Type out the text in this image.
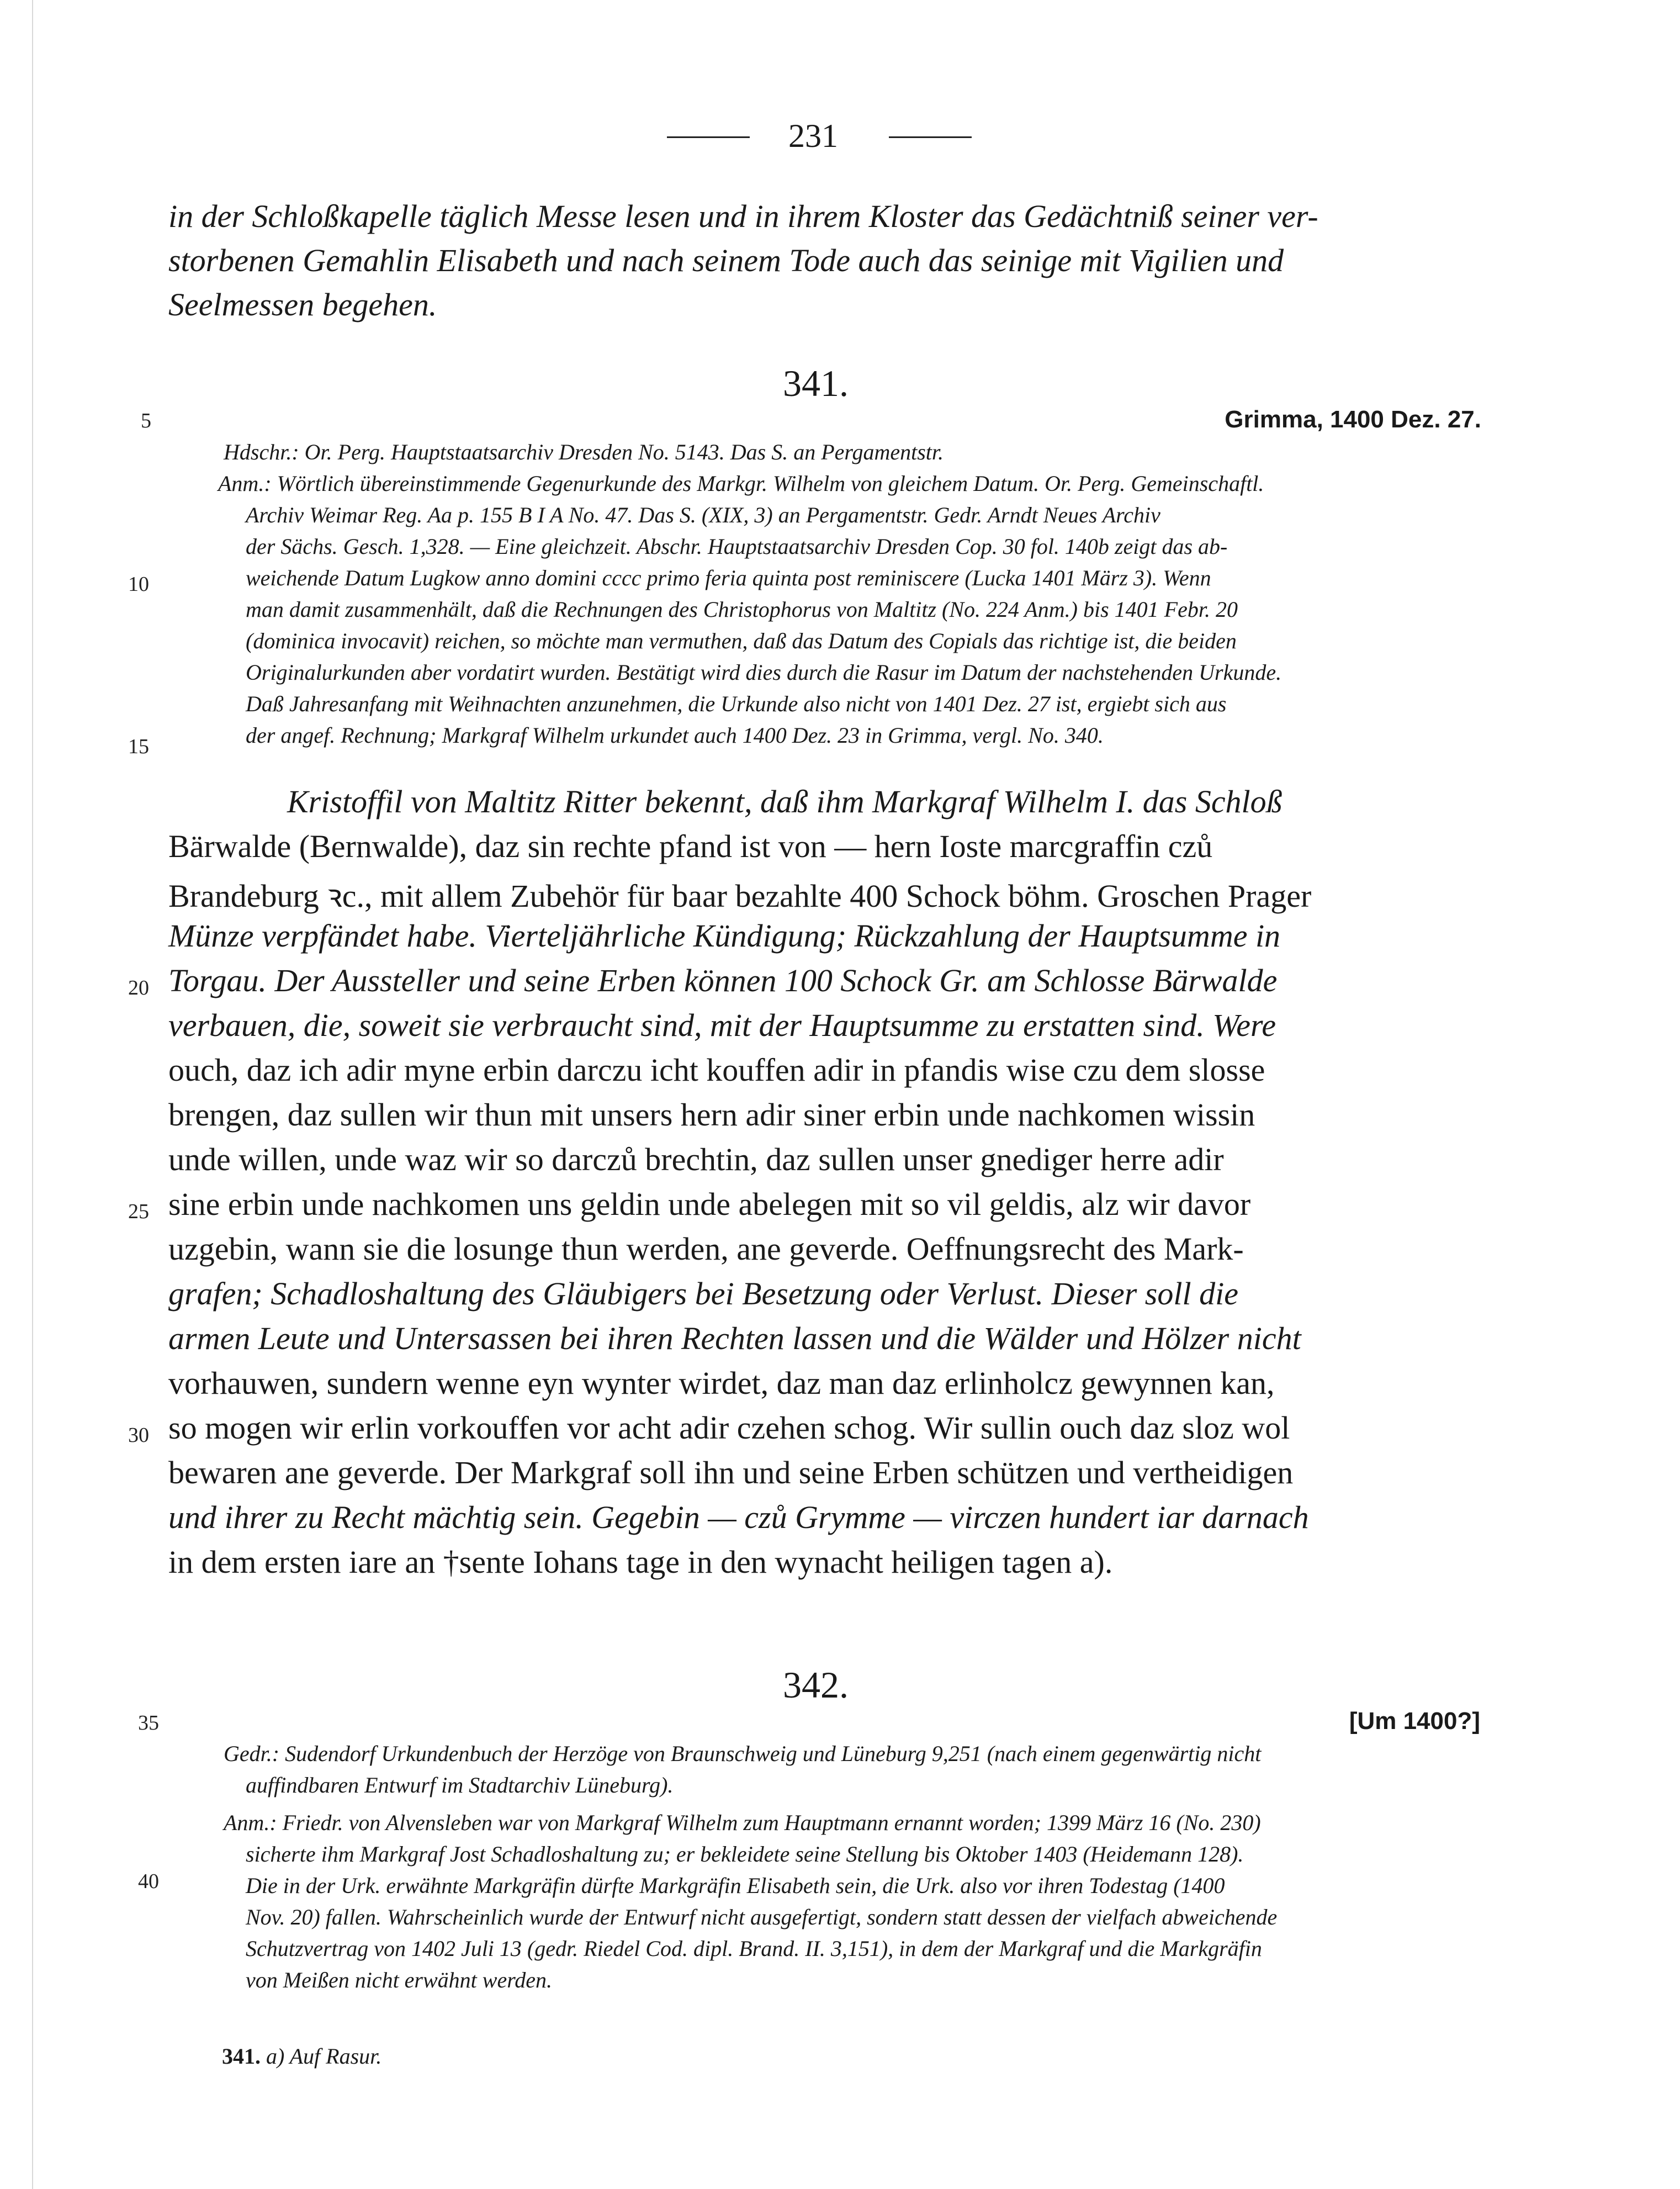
231
in der Schloßkapelle täglich Messe lesen und in ihrem Kloster das Gedächtniß seiner ver-
storbenen Gemahlin Elisabeth und nach seinem Tode auch das seinige mit Vigilien und
Seelmessen begehen.
341.
Grimma, 1400 Dez. 27.
Hdschr.: Or. Perg. Hauptstaatsarchiv Dresden No. 5143. Das S. an Pergamentstr.
Anm.: Wörtlich übereinstimmende Gegenurkunde des Markgr. Wilhelm von gleichem Datum. Or. Perg. Gemeinschaftl.
Archiv Weimar Reg. Aa p. 155 B I A No. 47. Das S. (XIX, 3) an Pergamentstr. Gedr. Arndt Neues Archiv
der Sächs. Gesch. 1,328. — Eine gleichzeit. Abschr. Hauptstaatsarchiv Dresden Cop. 30 fol. 140b zeigt das ab-
weichende Datum Lugkow anno domini cccc primo feria quinta post reminiscere (Lucka 1401 März 3). Wenn
man damit zusammenhält, daß die Rechnungen des Christophorus von Maltitz (No. 224 Anm.) bis 1401 Febr. 20
(dominica invocavit) reichen, so möchte man vermuthen, daß das Datum des Copials das richtige ist, die beiden
Originalurkunden aber vordatirt wurden. Bestätigt wird dies durch die Rasur im Datum der nachstehenden Urkunde.
Daß Jahresanfang mit Weihnachten anzunehmen, die Urkunde also nicht von 1401 Dez. 27 ist, ergiebt sich aus
der angef. Rechnung; Markgraf Wilhelm urkundet auch 1400 Dez. 23 in Grimma, vergl. No. 340.
Kristoffil von Maltitz Ritter bekennt, daß ihm Markgraf Wilhelm I. das Schloß
Bärwalde (Bernwalde), daz sin rechte pfand ist von — hern Ioste marcgraffin czů
Brandeburg ꝛc., mit allem Zubehör für baar bezahlte 400 Schock böhm. Groschen Prager
Münze verpfändet habe. Vierteljährliche Kündigung; Rückzahlung der Hauptsumme in
Torgau. Der Aussteller und seine Erben können 100 Schock Gr. am Schlosse Bärwalde
verbauen, die, soweit sie verbraucht sind, mit der Hauptsumme zu erstatten sind. Were
ouch, daz ich adir myne erbin darczu icht kouffen adir in pfandis wise czu dem slosse
brengen, daz sullen wir thun mit unsers hern adir siner erbin unde nachkomen wissin
unde willen, unde waz wir so darczů brechtin, daz sullen unser gnediger herre adir
sine erbin unde nachkomen uns geldin unde abelegen mit so vil geldis, alz wir davor
uzgebin, wann sie die losunge thun werden, ane geverde. Oeffnungsrecht des Mark-
grafen; Schadloshaltung des Gläubigers bei Besetzung oder Verlust. Dieser soll die
armen Leute und Untersassen bei ihren Rechten lassen und die Wälder und Hölzer nicht
vorhauwen, sundern wenne eyn wynter wirdet, daz man daz erlinholcz gewynnen kan,
so mogen wir erlin vorkouffen vor acht adir czehen schog. Wir sullin ouch daz sloz wol
bewaren ane geverde. Der Markgraf soll ihn und seine Erben schützen und vertheidigen
und ihrer zu Recht mächtig sein. Gegebin — czů Grymme — virczen hundert iar darnach
in dem ersten iare an †sente Iohans tage in den wynacht heiligen tagen a).
342.
[Um 1400?]
Gedr.: Sudendorf Urkundenbuch der Herzöge von Braunschweig und Lüneburg 9,251 (nach einem gegenwärtig nicht
auffindbaren Entwurf im Stadtarchiv Lüneburg).
Anm.: Friedr. von Alvensleben war von Markgraf Wilhelm zum Hauptmann ernannt worden; 1399 März 16 (No. 230)
sicherte ihm Markgraf Jost Schadloshaltung zu; er bekleidete seine Stellung bis Oktober 1403 (Heidemann 128).
Die in der Urk. erwähnte Markgräfin dürfte Markgräfin Elisabeth sein, die Urk. also vor ihren Todestag (1400
Nov. 20) fallen. Wahrscheinlich wurde der Entwurf nicht ausgefertigt, sondern statt dessen der vielfach abweichende
Schutzvertrag von 1402 Juli 13 (gedr. Riedel Cod. dipl. Brand. II. 3,151), in dem der Markgraf und die Markgräfin
von Meißen nicht erwähnt werden.
341. a) Auf Rasur.
5
10
15
20
25
30
35
40
